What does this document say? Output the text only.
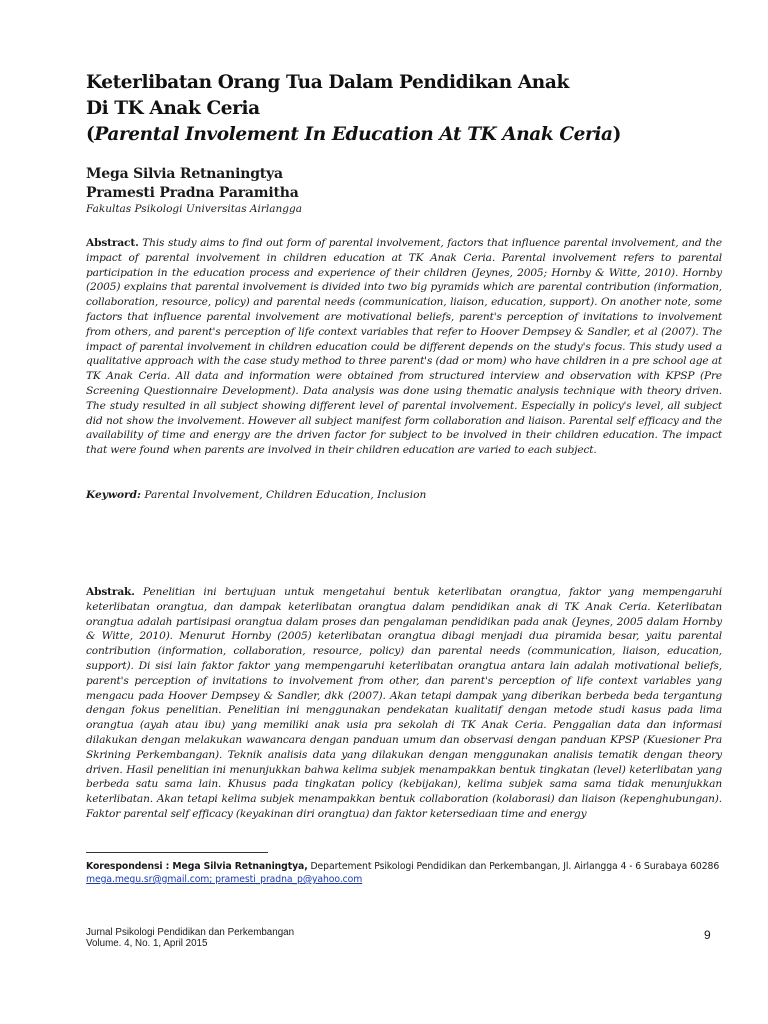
Keterlibatan Orang Tua Dalam Pendidikan Anak
Di TK Anak Ceria
(Parental Involement In Education At TK Anak Ceria)
Mega Silvia Retnaningtya
Pramesti Pradna Paramitha
Fakultas Psikologi Universitas Airlangga
Abstract. This study aims to find out form of parental involvement, factors that influence parental involvement, and the impact of parental involvement in children education at TK Anak Ceria. Parental involvement refers to parental participation in the education process and experience of their children (Jeynes, 2005; Hornby & Witte, 2010). Hornby (2005) explains that parental involvement is divided into two big pyramids which are parental contribution (information, collaboration, resource, policy) and parental needs (communication, liaison, education, support). On another note, some factors that influence parental involvement are motivational beliefs, parent's perception of invitations to involvement from others, and parent's perception of life context variables that refer to Hoover Dempsey & Sandler, et al (2007). The impact of parental involvement in children education could be different depends on the study's focus. This study used a qualitative approach with the case study method to three parent's (dad or mom) who have children in a pre school age at TK Anak Ceria. All data and information were obtained from structured interview and observation with KPSP (Pre Screening Questionnaire Development). Data analysis was done using thematic analysis technique with theory driven. The study resulted in all subject showing different level of parental involvement. Especially in policy's level, all subject did not show the involvement. However all subject manifest form collaboration and liaison. Parental self efficacy and the availability of time and energy are the driven factor for subject to be involved in their children education. The impact that were found when parents are involved in their children education are varied to each subject.
Keyword: Parental Involvement, Children Education, Inclusion
Abstrak. Penelitian ini bertujuan untuk mengetahui bentuk keterlibatan orangtua, faktor yang mempengaruhi keterlibatan orangtua, dan dampak keterlibatan orangtua dalam pendidikan anak di TK Anak Ceria. Keterlibatan orangtua adalah partisipasi orangtua dalam proses dan pengalaman pendidikan pada anak (Jeynes, 2005 dalam Hornby & Witte, 2010). Menurut Hornby (2005) keterlibatan orangtua dibagi menjadi dua piramida besar, yaitu parental contribution (information, collaboration, resource, policy) dan parental needs (communication, liaison, education, support). Di sisi lain faktor faktor yang mempengaruhi keterlibatan orangtua antara lain adalah motivational beliefs, parent's perception of invitations to involvement from other, dan parent's perception of life context variables yang mengacu pada Hoover Dempsey & Sandler, dkk (2007). Akan tetapi dampak yang diberikan berbeda beda tergantung dengan fokus penelitian. Penelitian ini menggunakan pendekatan kualitatif dengan metode studi kasus pada lima orangtua (ayah atau ibu) yang memiliki anak usia pra sekolah di TK Anak Ceria. Penggalian data dan informasi dilakukan dengan melakukan wawancara dengan panduan umum dan observasi dengan panduan KPSP (Kuesioner Pra Skrining Perkembangan). Teknik analisis data yang dilakukan dengan menggunakan analisis tematik dengan theory driven. Hasil penelitian ini menunjukkan bahwa kelima subjek menampakkan bentuk tingkatan (level) keterlibatan yang berbeda satu sama lain. Khusus pada tingkatan policy (kebijakan), kelima subjek sama sama tidak menunjukkan keterlibatan. Akan tetapi kelima subjek menampakkan bentuk collaboration (kolaborasi) dan liaison (kepenghubungan). Faktor parental self efficacy (keyakinan diri orangtua) dan faktor ketersediaan time and energy
Korespondensi : Mega Silvia Retnaningtya, Departement Psikologi Pendidikan dan Perkembangan, Jl. Airlangga 4 - 6 Surabaya 60286
mega.megu.sr@gmail.com; pramesti_pradna_p@yahoo.com
Jurnal Psikologi Pendidikan dan Perkembangan
Volume. 4, No. 1, April 2015
9
